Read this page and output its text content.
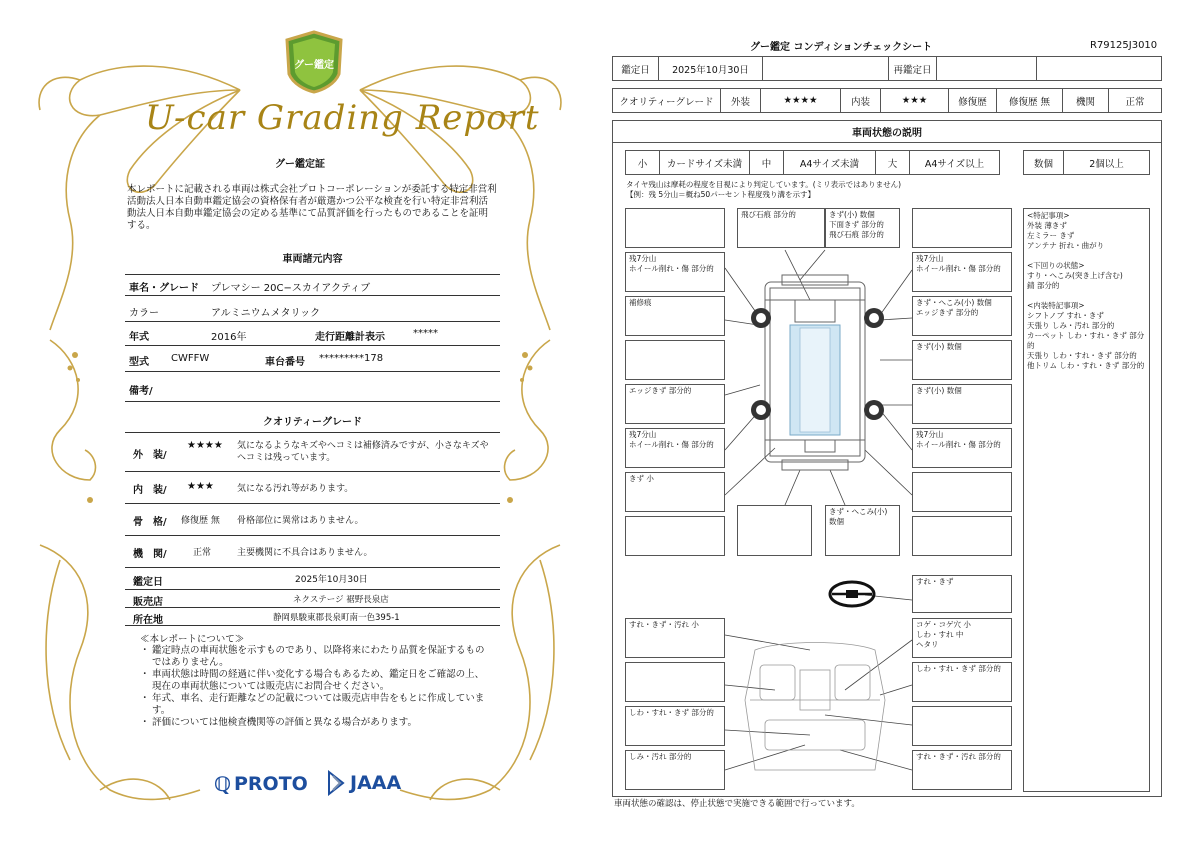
グー鑑定
U-car Grading Report
グー鑑定証
本レポートに記載される車両は株式会社プロトコーポレーションが委託する特定非営利活動法人日本自動車鑑定協会の資格保有者が厳選かつ公平な検査を行い特定非営利活動法人日本自動車鑑定協会の定める基準にて品質評価を行ったものであることを証明する。
車両諸元内容
車名・グレード プレマシー 20C−スカイアクティブ
カラー	アルミニウムメタリック
年式	2016年	走行距離計表示	*****
型式 CWFFW	車台番号 *********178
備考/
クオリティーグレード
外　装/
★★★★ 気になるようなキズやヘコミは補修済みですが、小さなキズやヘコミは残っています。
内　装/ ★★★	気になる汚れ等があります。
骨　格/ 修復歴 無 骨格部位に異常はありません。
機　関/	正常	主要機関に不具合はありません。
鑑定日	2025年10月30日
販売店	ネクステージ 裾野長泉店
所在地	静岡県駿東郡長泉町南一色395-1
≪本レポートについて≫
・ 鑑定時点の車両状態を示すものであり、以降将来にわたり品質を保証するものではありません。
・ 車両状態は時間の経過に伴い変化する場合もあるため、鑑定日をご確認の上、現在の車両状態については販売店にお問合せください。
・ 年式、車名、走行距離などの記載については販売店申告をもとに作成しています。
・ 評価については他検査機関等の評価と異なる場合があります。
ℚ PROTO JAAA
グー鑑定 コンディションチェックシート	R79125J3010
鑑定日	2025年10月30日	再鑑定日
クオリティーグレード	外装	★★★★	内装	★★★	修復歴	修復歴 無	機関	正常
車両状態の説明
小	カードサイズ未満	中	A4サイズ未満	大	A4サイズ以上	数個	2個以上
タイヤ残山は摩耗の程度を目視により判定しています。(ミリ表示ではありません)
【例：残 5分山＝概ね50パーセント程度残り溝を示す】
飛び石痕 部分的	きず(小) 数個
下面きず 部分的
飛び石痕 部分的
残7分山
ホイール削れ・傷 部分的
残7分山
ホイール削れ・傷 部分的
補修痕	きず・へこみ(小) 数個
エッジきず 部分的
きず(小) 数個
エッジきず 部分的	きず(小) 数個
残7分山
ホイール削れ・傷 部分的
残7分山
ホイール削れ・傷 部分的
きず 小
きず・へこみ(小) 数個
すれ・きず
すれ・きず・汚れ 小	コゲ・コゲ穴 小
しわ・すれ 中
ヘタリ
しわ・すれ・きず 部分的
しわ・すれ・きず 部分的
しみ・汚れ 部分的	すれ・きず・汚れ 部分的
<特記事項>
外装 薄きず
左ミラー きず
アンテナ 折れ・曲がり

<下回りの状態>
すり・へこみ(突き上げ含む)
錆 部分的

<内装特記事項>
シフトノブ すれ・きず
天張り しみ・汚れ 部分的
カーペット しわ・すれ・きず 部分的
天張り しわ・すれ・きず 部分的
他トリム しわ・すれ・きず 部分的
車両状態の確認は、停止状態で実施できる範囲で行っています。
